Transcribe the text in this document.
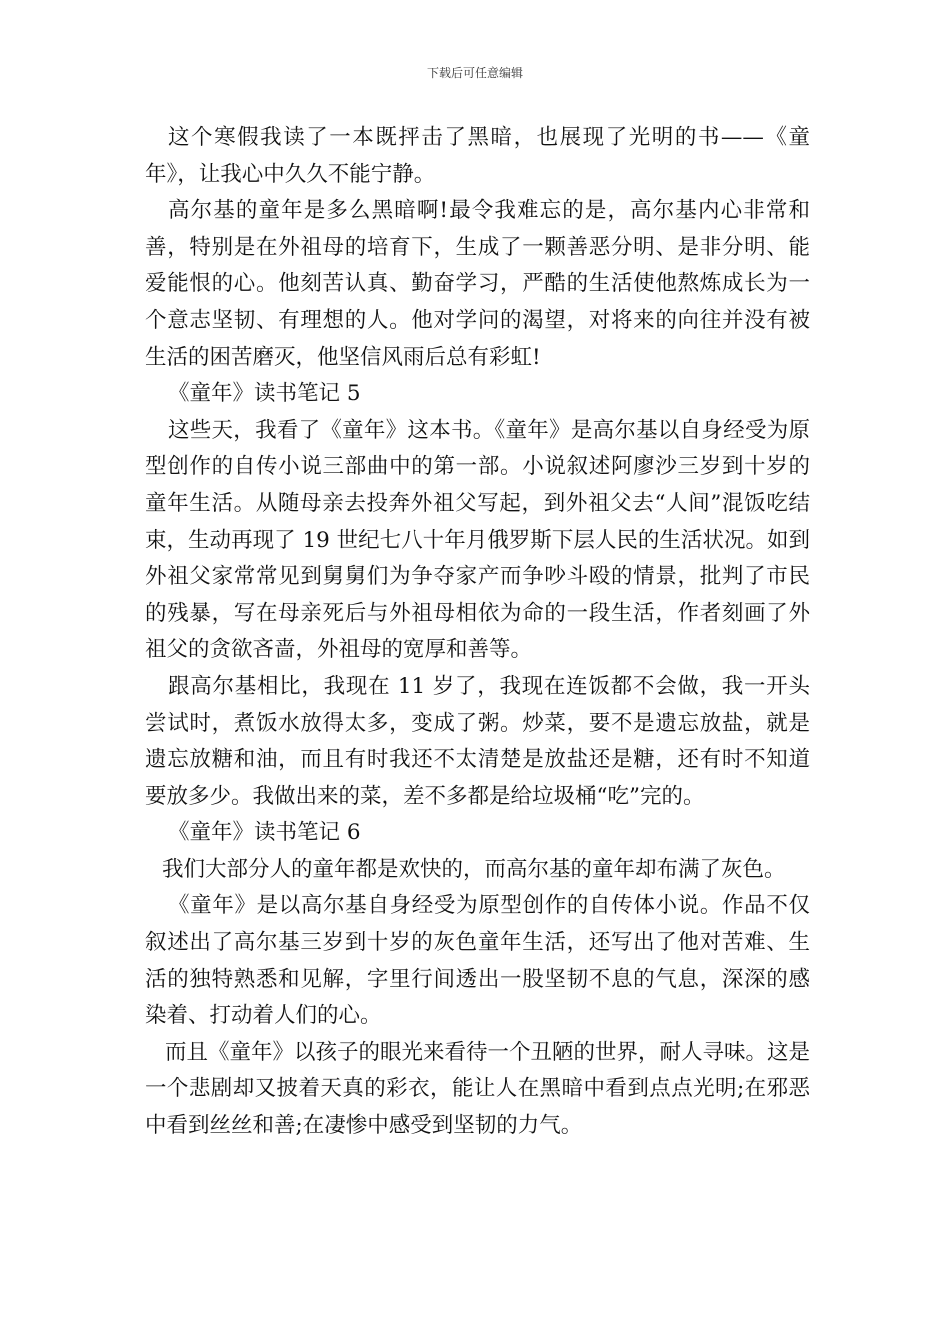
下载后可任意编辑

这个寒假我读了一本既抨击了黑暗，也展现了光明的书——《童年》，让我心中久久不能宁静。

高尔基的童年是多么黑暗啊!最令我难忘的是，高尔基内心非常和善，特别是在外祖母的培育下，生成了一颗善恶分明、是非分明、能爱能恨的心。他刻苦认真、勤奋学习，严酷的生活使他熬炼成长为一个意志坚韧、有理想的人。他对学问的渴望，对将来的向往并没有被生活的困苦磨灭，他坚信风雨后总有彩虹!

《童年》读书笔记 5

这些天，我看了《童年》这本书。《童年》是高尔基以自身经受为原型创作的自传小说三部曲中的第一部。小说叙述阿廖沙三岁到十岁的童年生活。从随母亲去投奔外祖父写起，到外祖父去“人间”混饭吃结束，生动再现了 19 世纪七八十年月俄罗斯下层人民的生活状况。如到外祖父家常常见到舅舅们为争夺家产而争吵斗殴的情景，批判了市民的残暴，写在母亲死后与外祖母相依为命的一段生活，作者刻画了外祖父的贪欲吝啬，外祖母的宽厚和善等。

跟高尔基相比，我现在 11 岁了，我现在连饭都不会做，我一开头尝试时，煮饭水放得太多，变成了粥。炒菜，要不是遗忘放盐，就是遗忘放糖和油，而且有时我还不太清楚是放盐还是糖，还有时不知道要放多少。我做出来的菜，差不多都是给垃圾桶“吃”完的。

《童年》读书笔记 6

我们大部分人的童年都是欢快的，而高尔基的童年却布满了灰色。

《童年》是以高尔基自身经受为原型创作的自传体小说。作品不仅叙述出了高尔基三岁到十岁的灰色童年生活，还写出了他对苦难、生活的独特熟悉和见解，字里行间透出一股坚韧不息的气息，深深的感染着、打动着人们的心。

而且《童年》以孩子的眼光来看待一个丑陋的世界，耐人寻味。这是一个悲剧却又披着天真的彩衣，能让人在黑暗中看到点点光明;在邪恶中看到丝丝和善;在凄惨中感受到坚韧的力气。
